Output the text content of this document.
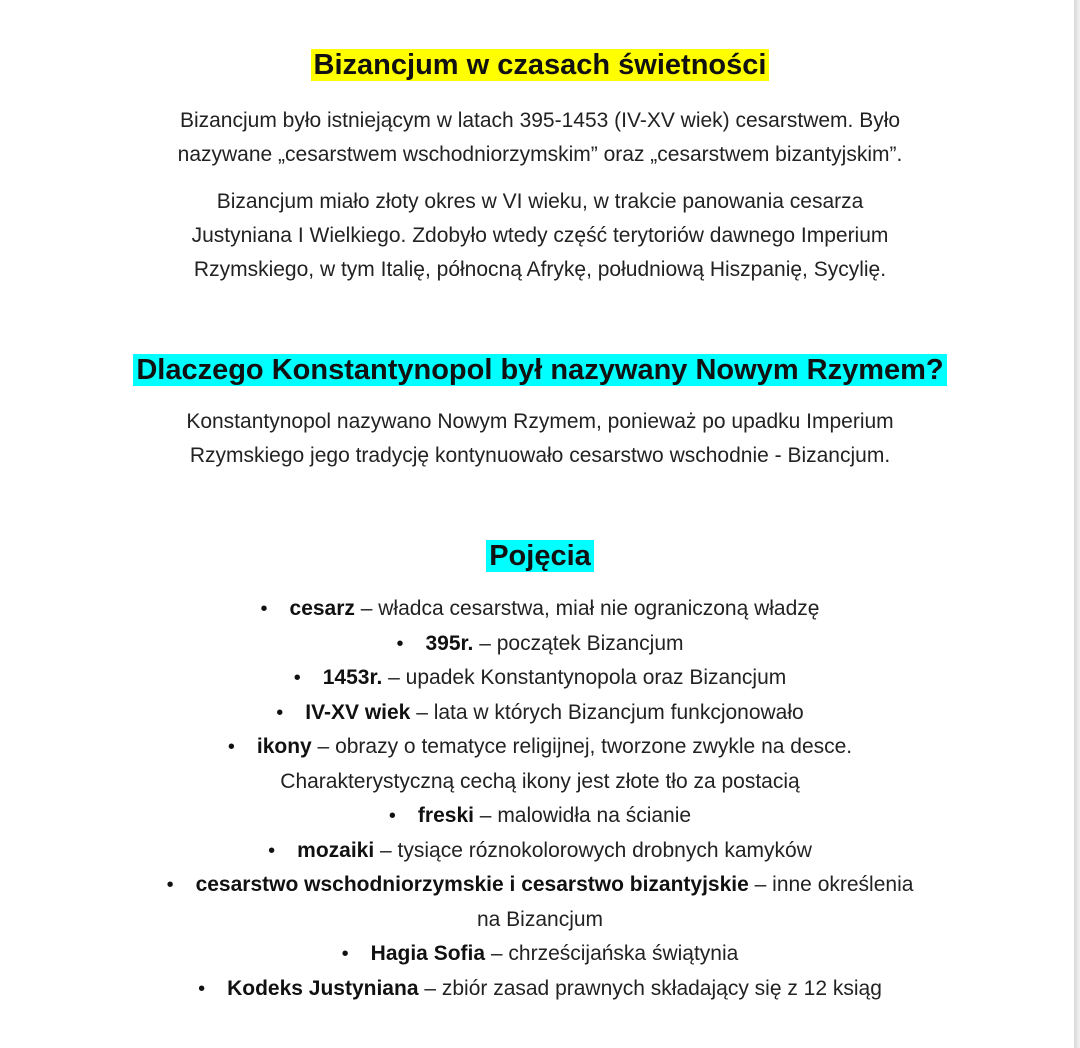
Bizancjum w czasach świetności

Bizancjum było istniejącym w latach 395-1453 (IV-XV wiek) cesarstwem. Było

nazywane „cesarstwem wschodniorzymskim” oraz „cesarstwem bizantyjskim”.

Bizancjum miało złoty okres w VI wieku, w trakcie panowania cesarza

Justyniana I Wielkiego. Zdobyło wtedy część terytoriów dawnego Imperium

Rzymskiego, w tym Italię, północną Afrykę, południową Hiszpanię, Sycylię.

Dlaczego Konstantynopol był nazywany Nowym Rzymem?

Konstantynopol nazywano Nowym Rzymem, ponieważ po upadku Imperium

Rzymskiego jego tradycję kontynuowało cesarstwo wschodnie - Bizancjum.

Pojęcia
• cesarz – władca cesarstwa, miał nie ograniczoną władzę
• 395r. – początek Bizancjum
• 1453r. – upadek Konstantynopola oraz Bizancjum
• IV-XV wiek – lata w których Bizancjum funkcjonowało
• ikony – obrazy o tematyce religijnej, tworzone zwykle na desce.
Charakterystyczną cechą ikony jest złote tło za postacią
• freski – malowidła na ścianie
• mozaiki – tysiące róznokolorowych drobnych kamyków
• cesarstwo wschodniorzymskie i cesarstwo bizantyjskie – inne określenia
na Bizancjum
• Hagia Sofia – chrześcijańska świątynia
• Kodeks Justyniana – zbiór zasad prawnych składający się z 12 ksiąg
